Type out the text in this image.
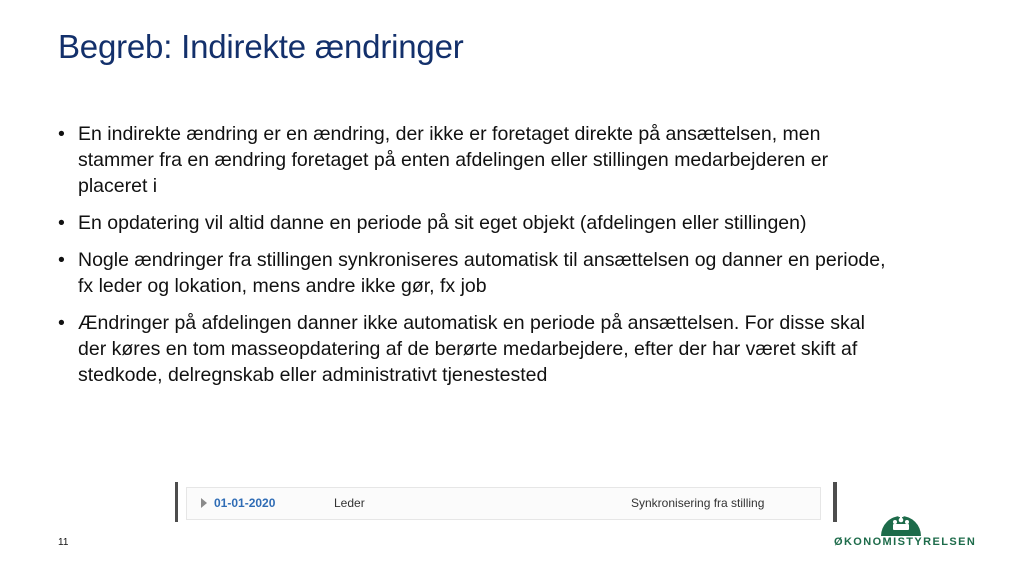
Begreb: Indirekte ændringer
• En indirekte ændring er en ændring, der ikke er foretaget direkte på ansættelsen, men stammer fra en ændring foretaget på enten afdelingen eller stillingen medarbejderen er placeret i
• En opdatering vil altid danne en periode på sit eget objekt (afdelingen eller stillingen)
• Nogle ændringer fra stillingen synkroniseres automatisk til ansættelsen og danner en periode, fx leder og lokation, mens andre ikke gør, fx job
• Ændringer på afdelingen danner ikke automatisk en periode på ansættelsen. For disse skal der køres en tom masseopdatering af de berørte medarbejdere, efter der har været skift af stedkode, delregnskab eller administrativt tjenestested
01-01-2020	Leder	Synkronisering fra stilling
11	ØKONOMISTYRELSEN
